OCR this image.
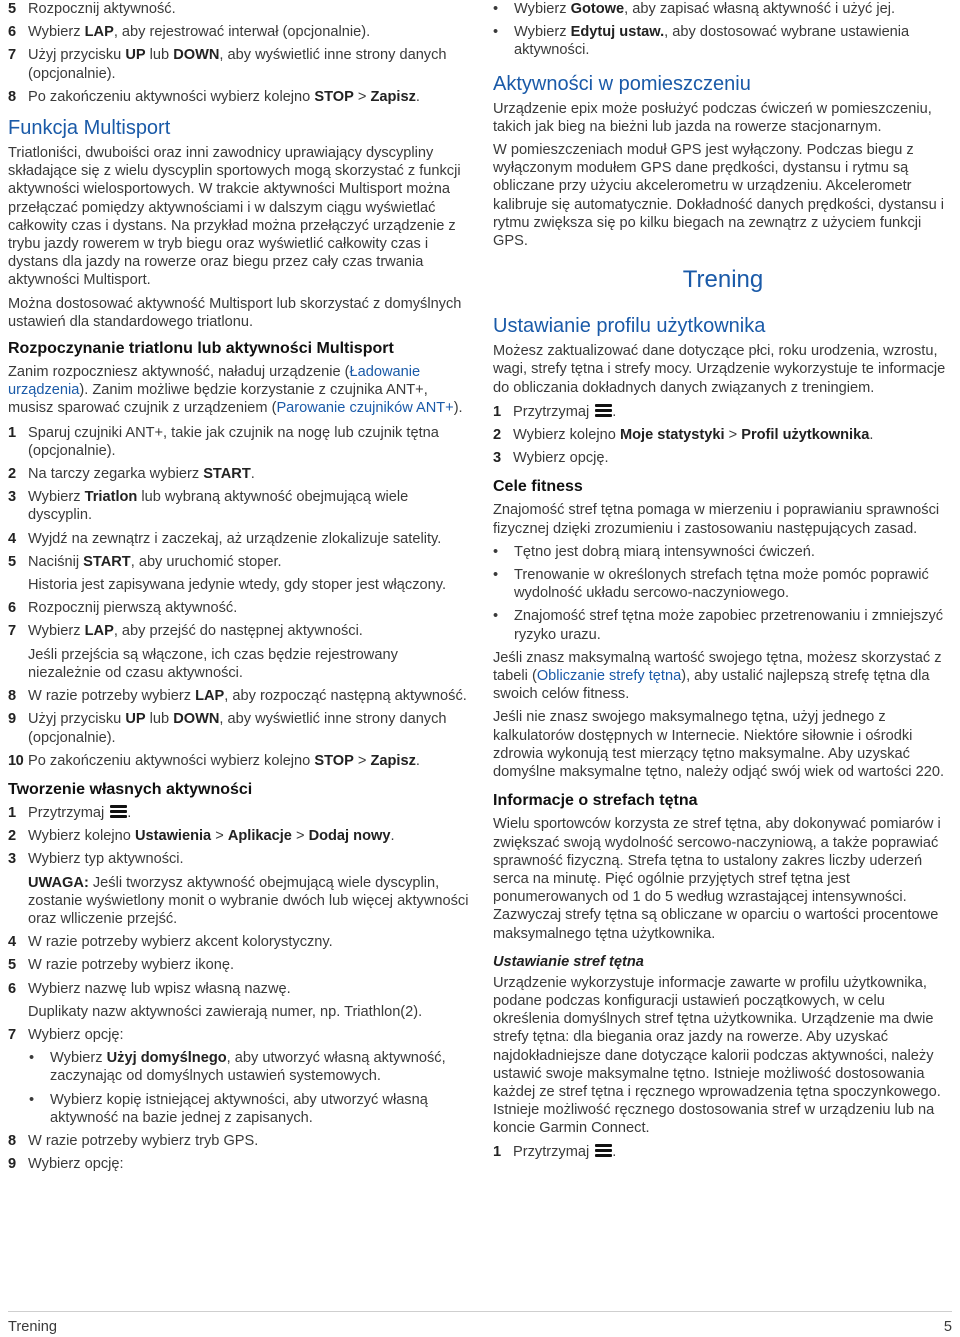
5 Rozpocznij aktywność.
6 Wybierz LAP, aby rejestrować interwał (opcjonalnie).
7 Użyj przycisku UP lub DOWN, aby wyświetlić inne strony danych (opcjonalnie).
8 Po zakończeniu aktywności wybierz kolejno STOP > Zapisz.
Funkcja Multisport

Triatloniści, dwuboiści oraz inni zawodnicy uprawiający dyscypliny składające się z wielu dyscyplin sportowych mogą skorzystać z funkcji aktywności wielosportowych. W trakcie aktywności Multisport można przełączać pomiędzy aktywnościami i w dalszym ciągu wyświetlać całkowity czas i dystans. Na przykład można przełączyć urządzenie z trybu jazdy rowerem w tryb biegu oraz wyświetlić całkowity czas i dystans dla jazdy na rowerze oraz biegu przez cały czas trwania aktywności Multisport.

Można dostosować aktywność Multisport lub skorzystać z domyślnych ustawień dla standardowego triatlonu.

Rozpoczynanie triatlonu lub aktywności Multisport

Zanim rozpoczniesz aktywność, naładuj urządzenie (Ładowanie urządzenia). Zanim możliwe będzie korzystanie z czujnika ANT+, musisz sparować czujnik z urządzeniem (Parowanie czujników ANT+).

1 Sparuj czujniki ANT+, takie jak czujnik na nogę lub czujnik tętna (opcjonalnie).
2 Na tarczy zegarka wybierz START.
3 Wybierz Triatlon lub wybraną aktywność obejmującą wiele dyscyplin.
4 Wyjdź na zewnątrz i zaczekaj, aż urządzenie zlokalizuje satelity.
5 Naciśnij START, aby uruchomić stoper.
Historia jest zapisywana jedynie wtedy, gdy stoper jest włączony.
6 Rozpocznij pierwszą aktywność.
7 Wybierz LAP, aby przejść do następnej aktywności.
Jeśli przejścia są włączone, ich czas będzie rejestrowany niezależnie od czasu aktywności.
8 W razie potrzeby wybierz LAP, aby rozpocząć następną aktywność.
9 Użyj przycisku UP lub DOWN, aby wyświetlić inne strony danych (opcjonalnie).
10 Po zakończeniu aktywności wybierz kolejno STOP > Zapisz.
Tworzenie własnych aktywności
1 Przytrzymaj
.
2 Wybierz kolejno Ustawienia > Aplikacje > Dodaj nowy.
3 Wybierz typ aktywności.
UWAGA: Jeśli tworzysz aktywność obejmującą wiele dyscyplin, zostanie wyświetlony monit o wybranie dwóch lub więcej aktywności oraz wlliczenie przejść.
4 W razie potrzeby wybierz akcent kolorystyczny.
5 W razie potrzeby wybierz ikonę.
6 Wybierz nazwę lub wpisz własną nazwę.
Duplikaty nazw aktywności zawierają numer, np. Triathlon(2).
7 Wybierz opcję:
• Wybierz Użyj domyślnego, aby utworzyć własną aktywność, zaczynając od domyślnych ustawień systemowych.
• Wybierz kopię istniejącej aktywności, aby utworzyć własną aktywność na bazie jednej z zapisanych.
8 W razie potrzeby wybierz tryb GPS.
9 Wybierz opcję:
• Wybierz Gotowe, aby zapisać własną aktywność i użyć jej.
• Wybierz Edytuj ustaw., aby dostosować wybrane ustawienia aktywności.
Aktywności w pomieszczeniu

Urządzenie epix może posłużyć podczas ćwiczeń w pomieszczeniu, takich jak bieg na bieżni lub jazda na rowerze stacjonarnym.

W pomieszczeniach moduł GPS jest wyłączony. Podczas biegu z wyłączonym modułem GPS dane prędkości, dystansu i rytmu są obliczane przy użyciu akcelerometru w urządzeniu. Akcelerometr kalibruje się automatycznie. Dokładność danych prędkości, dystansu i rytmu zwiększa się po kilku biegach na zewnątrz z użyciem funkcji GPS.

Trening
Ustawianie profilu użytkownika

Możesz zaktualizować dane dotyczące płci, roku urodzenia, wzrostu, wagi, strefy tętna i strefy mocy. Urządzenie wykorzystuje te informacje do obliczania dokładnych danych związanych z treningiem.

1 Przytrzymaj
.
2 Wybierz kolejno Moje statystyki > Profil użytkownika.
3 Wybierz opcję.
Cele fitness

Znajomość stref tętna pomaga w mierzeniu i poprawianiu sprawności fizycznej dzięki zrozumieniu i zastosowaniu następujących zasad.

• Tętno jest dobrą miarą intensywności ćwiczeń.
• Trenowanie w określonych strefach tętna może pomóc poprawić wydolność układu sercowo-naczyniowego.
• Znajomość stref tętna może zapobiec przetrenowaniu i zmniejszyć ryzyko urazu.

Jeśli znasz maksymalną wartość swojego tętna, możesz skorzystać z tabeli (Obliczanie strefy tętna), aby ustalić najlepszą strefę tętna dla swoich celów fitness.

Jeśli nie znasz swojego maksymalnego tętna, użyj jednego z kalkulatorów dostępnych w Internecie. Niektóre siłownie i ośrodki zdrowia wykonują test mierzący tętno maksymalne. Aby uzyskać domyślne maksymalne tętno, należy odjąć swój wiek od wartości 220.

Informacje o strefach tętna

Wielu sportowców korzysta ze stref tętna, aby dokonywać pomiarów i zwiększać swoją wydolność sercowo-naczyniową, a także poprawiać sprawność fizyczną. Strefa tętna to ustalony zakres liczby uderzeń serca na minutę. Pięć ogólnie przyjętych stref tętna jest ponumerowanych od 1 do 5 według wzrastającej intensywności. Zazwyczaj strefy tętna są obliczane w oparciu o wartości procentowe maksymalnego tętna użytkownika.

Ustawianie stref tętna

Urządzenie wykorzystuje informacje zawarte w profilu użytkownika, podane podczas konfiguracji ustawień początkowych, w celu określenia domyślnych stref tętna użytkownika. Urządzenie ma dwie strefy tętna: dla biegania oraz jazdy na rowerze. Aby uzyskać najdokładniejsze dane dotyczące kalorii podczas aktywności, należy ustawić swoje maksymalne tętno. Istnieje możliwość dostosowania każdej ze stref tętna i ręcznego wprowadzenia tętna spoczynkowego. Istnieje możliwość ręcznego dostosowania stref w urządzeniu lub na koncie Garmin Connect.

1 Przytrzymaj
.
Trening	5
